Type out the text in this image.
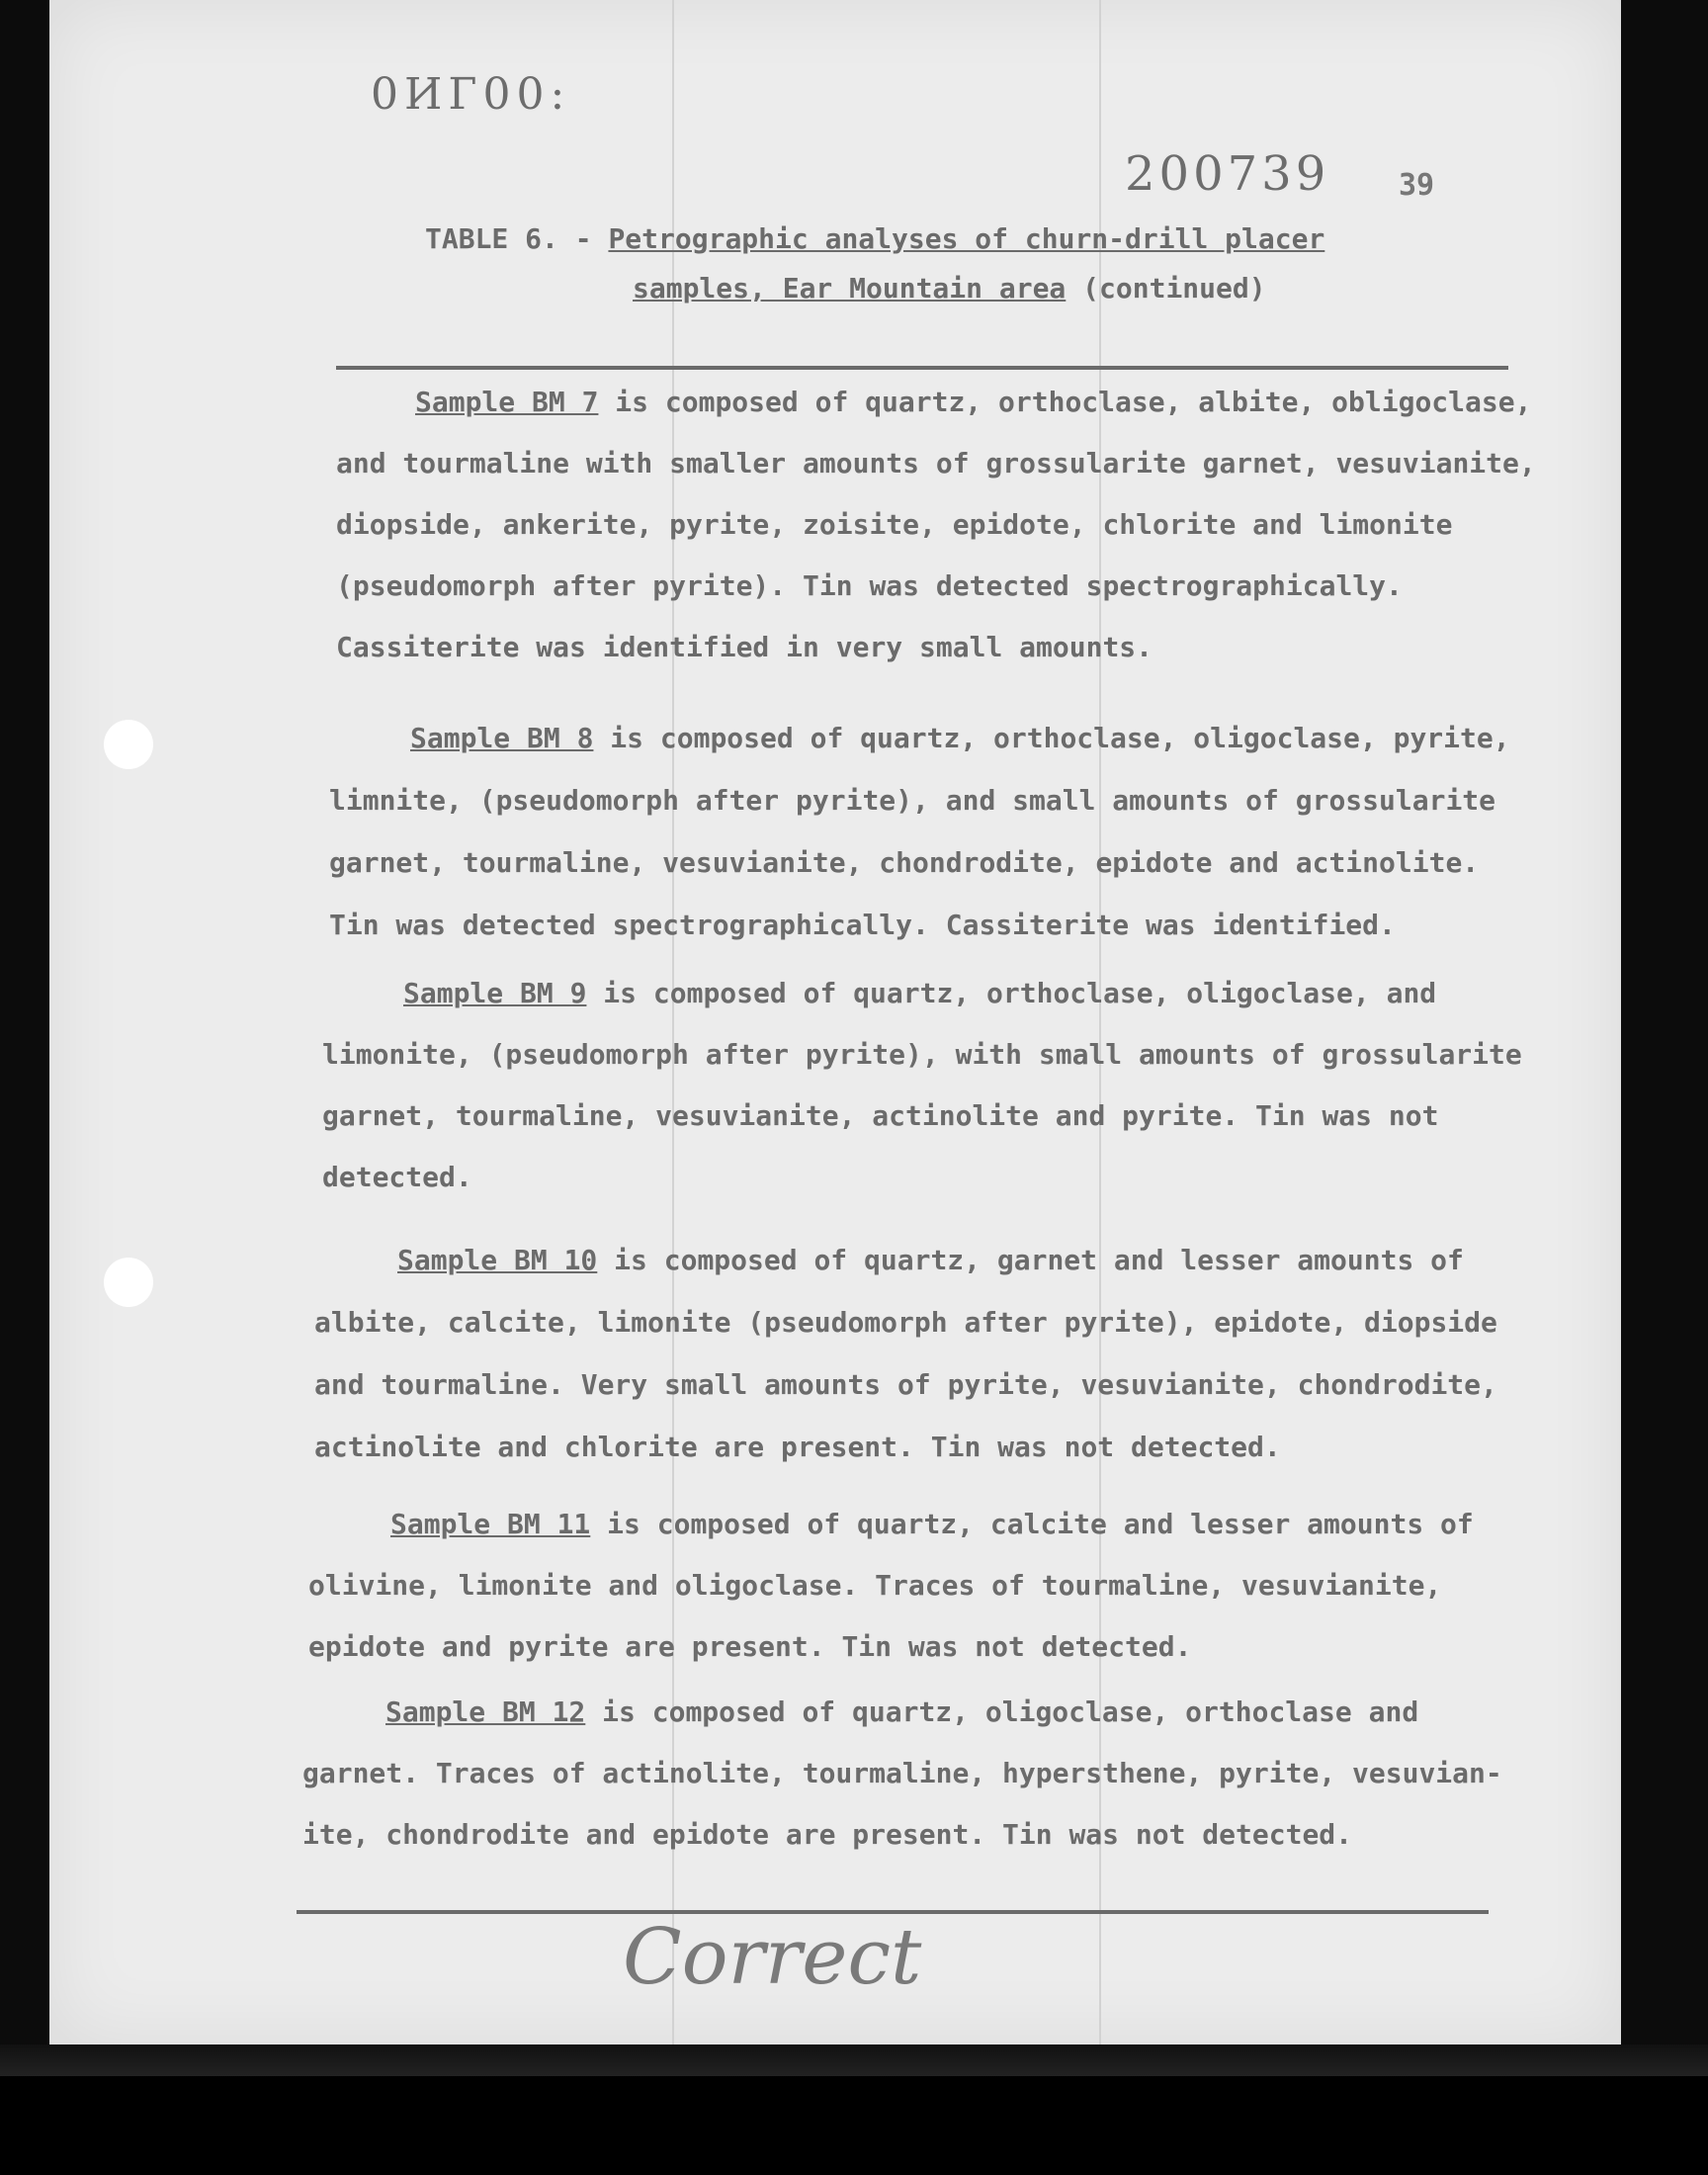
0ИГ00:
200739 39
TABLE 6. - Petrographic analyses of churn-drill placer
samples, Ear Mountain area (continued)
Sample BM 7 is composed of quartz, orthoclase, albite, obligoclase,
and tourmaline with smaller amounts of grossularite garnet, vesuvianite,
diopside, ankerite, pyrite, zoisite, epidote, chlorite and limonite
(pseudomorph after pyrite). Tin was detected spectrographically.
Cassiterite was identified in very small amounts.
Sample BM 8 is composed of quartz, orthoclase, oligoclase, pyrite,
limnite, (pseudomorph after pyrite), and small amounts of grossularite
garnet, tourmaline, vesuvianite, chondrodite, epidote and actinolite.
Tin was detected spectrographically. Cassiterite was identified.
Sample BM 9 is composed of quartz, orthoclase, oligoclase, and
limonite, (pseudomorph after pyrite), with small amounts of grossularite
garnet, tourmaline, vesuvianite, actinolite and pyrite. Tin was not
detected.
Sample BM 10 is composed of quartz, garnet and lesser amounts of
albite, calcite, limonite (pseudomorph after pyrite), epidote, diopside
and tourmaline. Very small amounts of pyrite, vesuvianite, chondrodite,
actinolite and chlorite are present. Tin was not detected.
Sample BM 11 is composed of quartz, calcite and lesser amounts of
olivine, limonite and oligoclase. Traces of tourmaline, vesuvianite,
epidote and pyrite are present. Tin was not detected.
Sample BM 12 is composed of quartz, oligoclase, orthoclase and
garnet. Traces of actinolite, tourmaline, hypersthene, pyrite, vesuvian-
ite, chondrodite and epidote are present. Tin was not detected.
Correct
